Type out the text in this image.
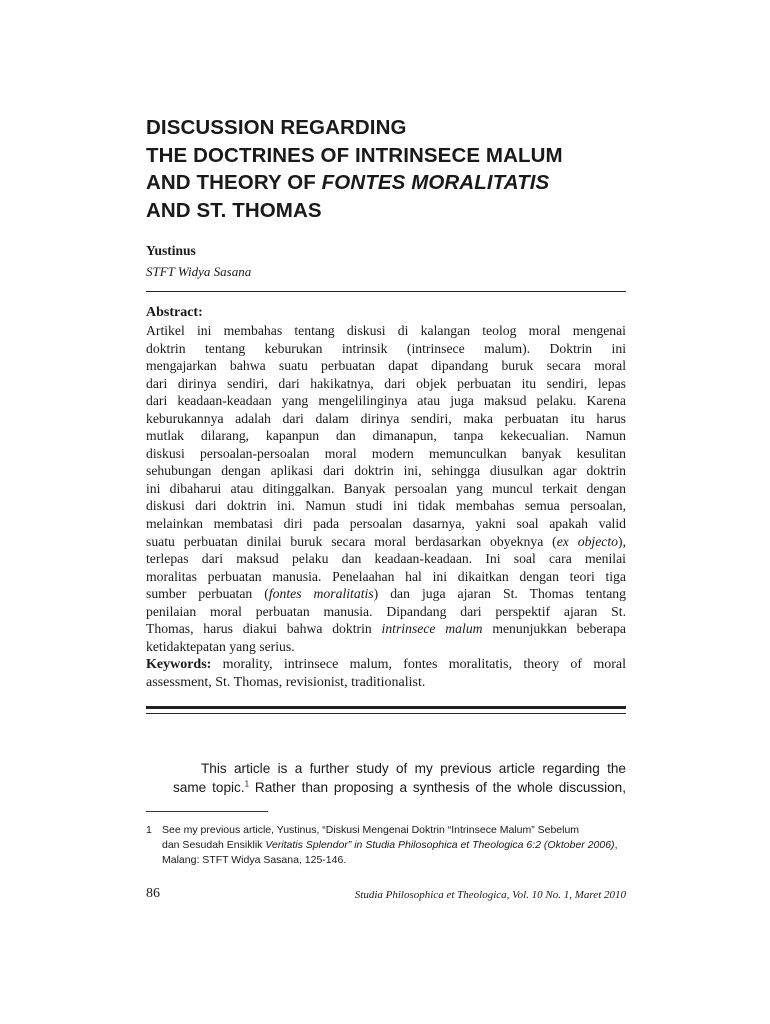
DISCUSSION REGARDING
THE DOCTRINES OF INTRINSECE MALUM
AND THEORY OF FONTES MORALITATIS
AND ST. THOMAS
Yustinus
STFT Widya Sasana
Abstract:
Artikel ini membahas tentang diskusi di kalangan teolog moral mengenai
doktrin tentang keburukan intrinsik (intrinsece malum). Doktrin ini
mengajarkan bahwa suatu perbuatan dapat dipandang buruk secara moral
dari dirinya sendiri, dari hakikatnya, dari objek perbuatan itu sendiri, lepas
dari keadaan-keadaan yang mengelilinginya atau juga maksud pelaku. Karena
keburukannya adalah dari dalam dirinya sendiri, maka perbuatan itu harus
mutlak dilarang, kapanpun dan dimanapun, tanpa kekecualian. Namun
diskusi persoalan-persoalan moral modern memunculkan banyak kesulitan
sehubungan dengan aplikasi dari doktrin ini, sehingga diusulkan agar doktrin
ini dibaharui atau ditinggalkan. Banyak persoalan yang muncul terkait dengan
diskusi dari doktrin ini. Namun studi ini tidak membahas semua persoalan,
melainkan membatasi diri pada persoalan dasarnya, yakni soal apakah valid
suatu perbuatan dinilai buruk secara moral berdasarkan obyeknya (ex objecto),
terlepas dari maksud pelaku dan keadaan-keadaan. Ini soal cara menilai
moralitas perbuatan manusia. Penelaahan hal ini dikaitkan dengan teori tiga
sumber perbuatan (fontes moralitatis) dan juga ajaran St. Thomas tentang
penilaian moral perbuatan manusia. Dipandang dari perspektif ajaran St.
Thomas, harus diakui bahwa doktrin intrinsece malum menunjukkan beberapa
ketidaktepatan yang serius.
Keywords: morality, intrinsece malum, fontes moralitatis, theory of moral
assessment, St. Thomas, revisionist, traditionalist.
This article is a further study of my previous article regarding the
same topic.$^1$ Rather than proposing a synthesis of the whole discussion,
1 See my previous article, Yustinus, “Diskusi Mengenai Doktrin “Intrinsece Malum” Sebelum
dan Sesudah Ensiklik Veritatis Splendor” in Studia Philosophica et Theologica 6:2 (Oktober 2006),
Malang: STFT Widya Sasana, 125-146.
86	Studia Philosophica et Theologica, Vol. 10 No. 1, Maret 2010
